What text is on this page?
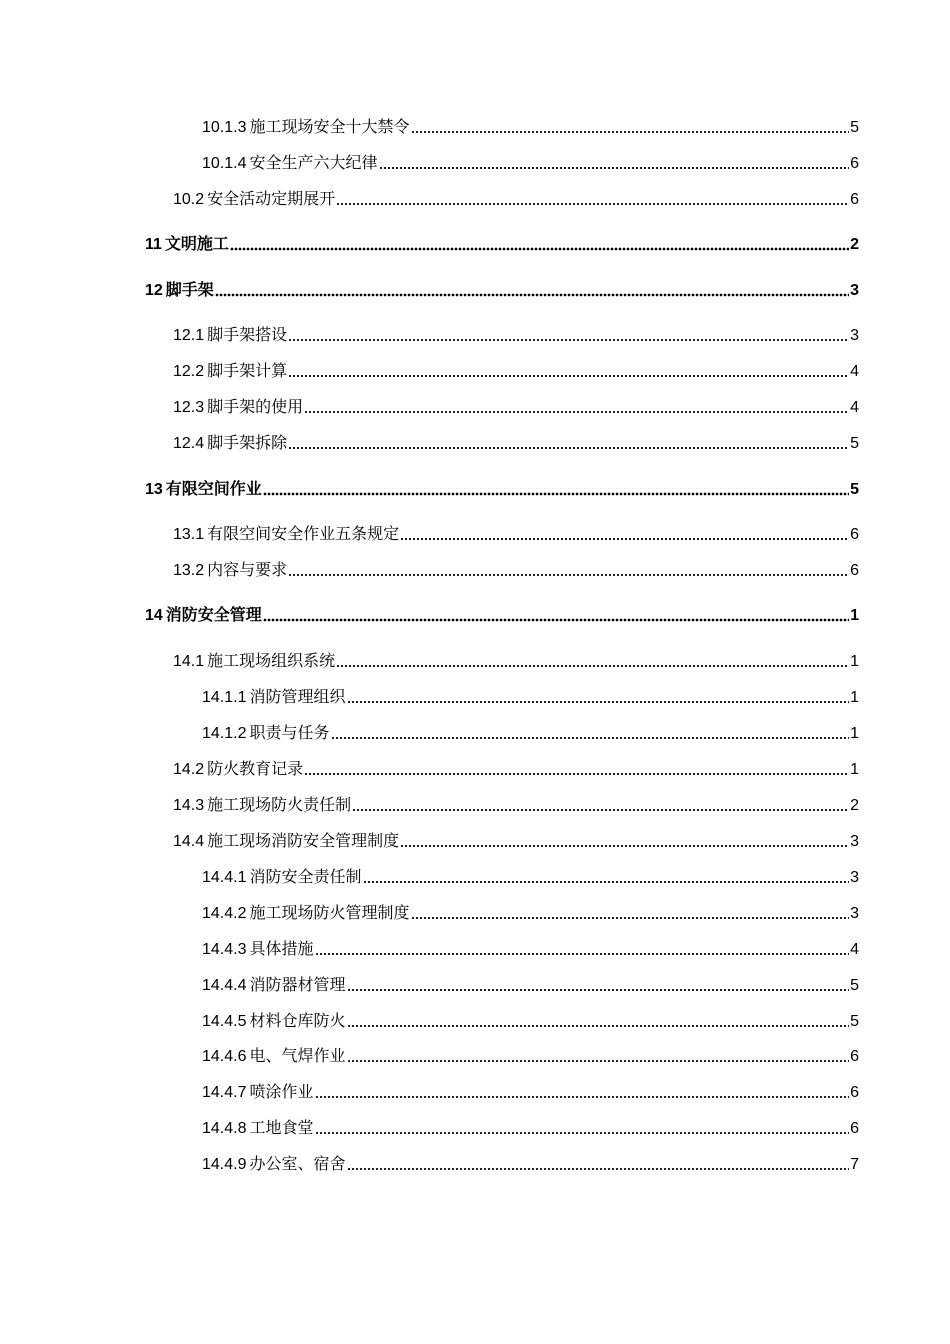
10.1.3 施工现场安全十大禁令	5
10.1.4 安全生产六大纪律	6
10.2 安全活动定期展开	6
11 文明施工	2
12 脚手架	3
12.1 脚手架搭设	3
12.2 脚手架计算	4
12.3 脚手架的使用	4
12.4 脚手架拆除	5
13 有限空间作业	5
13.1 有限空间安全作业五条规定	6
13.2 内容与要求	6
14 消防安全管理	1
14.1 施工现场组织系统	1
14.1.1 消防管理组织	1
14.1.2 职责与任务	1
14.2 防火教育记录	1
14.3 施工现场防火责任制	2
14.4 施工现场消防安全管理制度	3
14.4.1 消防安全责任制	3
14.4.2 施工现场防火管理制度	3
14.4.3 具体措施	4
14.4.4 消防器材管理	5
14.4.5 材料仓库防火	5
14.4.6 电、气焊作业	6
14.4.7 喷涂作业	6
14.4.8 工地食堂	6
14.4.9 办公室、宿舍	7
